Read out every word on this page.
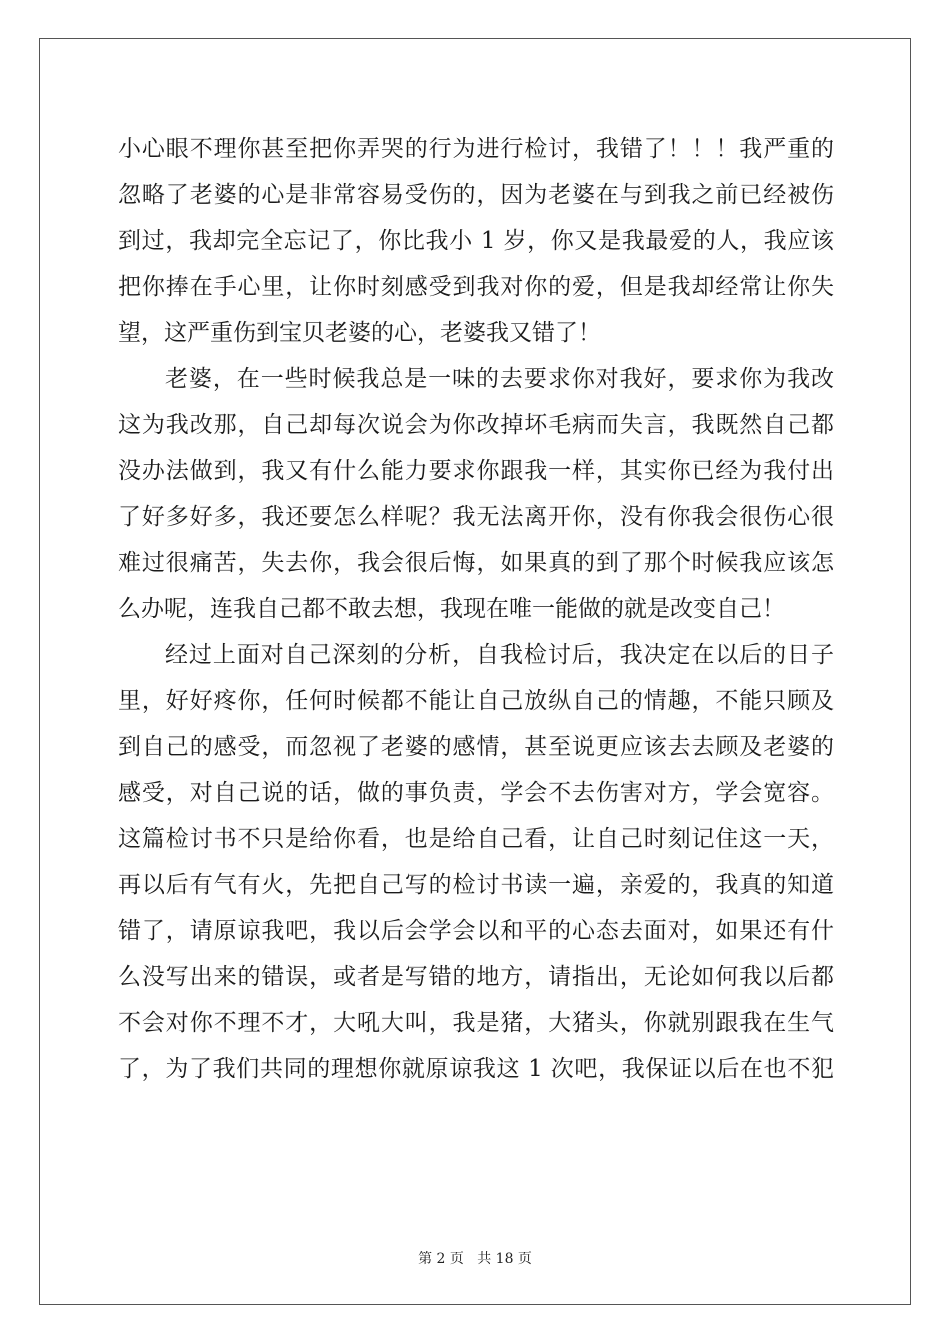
小心眼不理你甚至把你弄哭的行为进行检讨，我错了！！！我严重的
忽略了老婆的心是非常容易受伤的，因为老婆在与到我之前已经被伤
到过，我却完全忘记了，你比我小 1 岁，你又是我最爱的人，我应该
把你捧在手心里，让你时刻感受到我对你的爱，但是我却经常让你失
望，这严重伤到宝贝老婆的心，老婆我又错了！
老婆，在一些时候我总是一味的去要求你对我好，要求你为我改
这为我改那，自己却每次说会为你改掉坏毛病而失言，我既然自己都
没办法做到，我又有什么能力要求你跟我一样，其实你已经为我付出
了好多好多，我还要怎么样呢？我无法离开你，没有你我会很伤心很
难过很痛苦，失去你，我会很后悔，如果真的到了那个时候我应该怎
么办呢，连我自己都不敢去想，我现在唯一能做的就是改变自己！
经过上面对自己深刻的分析，自我检讨后，我决定在以后的日子
里，好好疼你，任何时候都不能让自己放纵自己的情趣，不能只顾及
到自己的感受，而忽视了老婆的感情，甚至说更应该去去顾及老婆的
感受，对自己说的话，做的事负责，学会不去伤害对方，学会宽容。
这篇检讨书不只是给你看，也是给自己看，让自己时刻记住这一天，
再以后有气有火，先把自己写的检讨书读一遍，亲爱的，我真的知道
错了，请原谅我吧，我以后会学会以和平的心态去面对，如果还有什
么没写出来的错误，或者是写错的地方，请指出，无论如何我以后都
不会对你不理不才，大吼大叫，我是猪，大猪头，你就别跟我在生气
了，为了我们共同的理想你就原谅我这 1 次吧，我保证以后在也不犯
第 2 页   共 18 页
